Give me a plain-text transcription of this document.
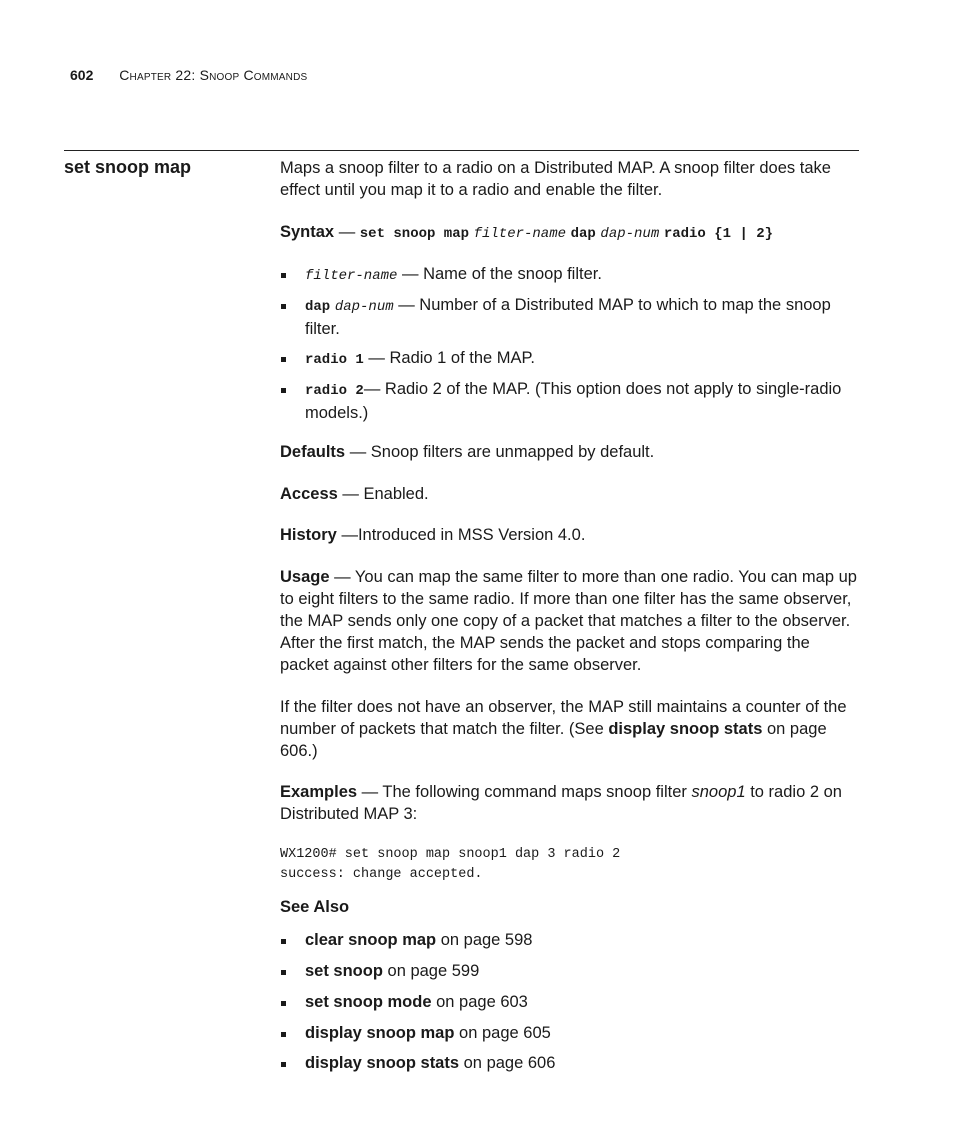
602 Chapter 22: Snoop Commands
set snoop map	Maps a snoop filter to a radio on a Distributed MAP. A snoop filter does take effect until you map it to a radio and enable the filter.

Syntax — set snoop map filter-name dap dap-num radio {1 | 2}

filter-name — Name of the snoop filter.
dap dap-num — Number of a Distributed MAP to which to map the snoop filter.
radio 1 — Radio 1 of the MAP.
radio 2— Radio 2 of the MAP. (This option does not apply to single-radio models.)

Defaults — Snoop filters are unmapped by default.

Access — Enabled.

History —Introduced in MSS Version 4.0.

Usage — You can map the same filter to more than one radio. You can map up to eight filters to the same radio. If more than one filter has the same observer, the MAP sends only one copy of a packet that matches a filter to the observer. After the first match, the MAP sends the packet and stops comparing the packet against other filters for the same observer.

If the filter does not have an observer, the MAP still maintains a counter of the number of packets that match the filter. (See display snoop stats on page 606.)

Examples — The following command maps snoop filter snoop1 to radio 2 on Distributed MAP 3:

WX1200# set snoop map snoop1 dap 3 radio 2
success: change accepted.

See Also

clear snoop map on page 598
set snoop on page 599
set snoop mode on page 603
display snoop map on page 605
display snoop stats on page 606
